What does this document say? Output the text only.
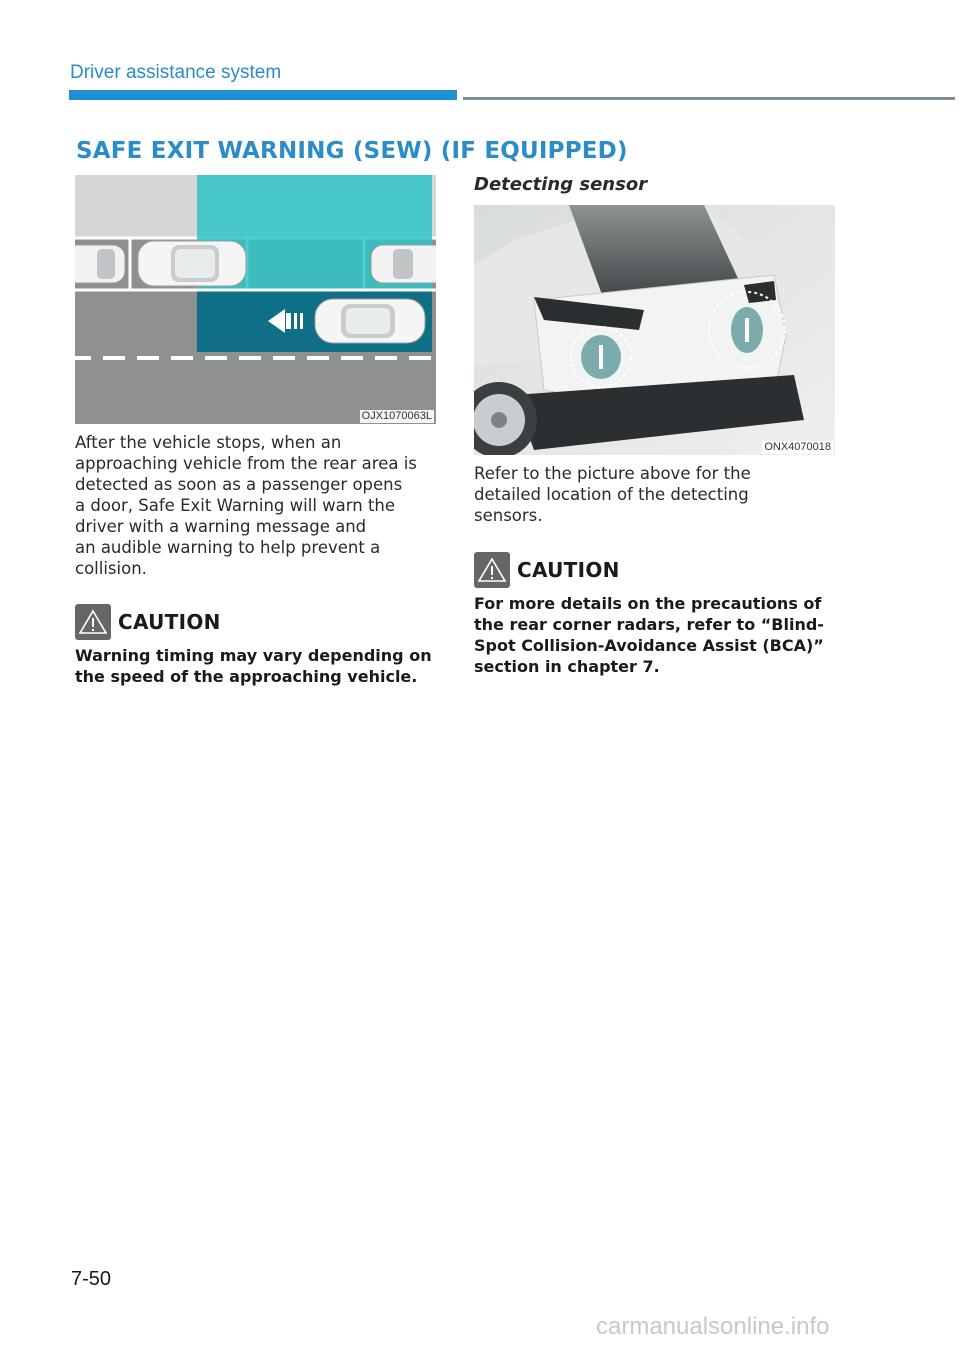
Driver assistance system
SAFE EXIT WARNING (SEW) (IF EQUIPPED)
OJX1070063L
After the vehicle stops, when an
approaching vehicle from the rear area is
detected as soon as a passenger opens
a door, Safe Exit Warning will warn the
driver with a warning message and
an audible warning to help prevent a
collision.
CAUTION
Warning timing may vary depending on
the speed of the approaching vehicle.
Detecting sensor
ONX4070018
Refer to the picture above for the
detailed location of the detecting
sensors.
CAUTION
For more details on the precautions of
the rear corner radars, refer to “Blind-
Spot Collision-Avoidance Assist (BCA)”
section in chapter 7.
7-50
carmanualsonline.info
